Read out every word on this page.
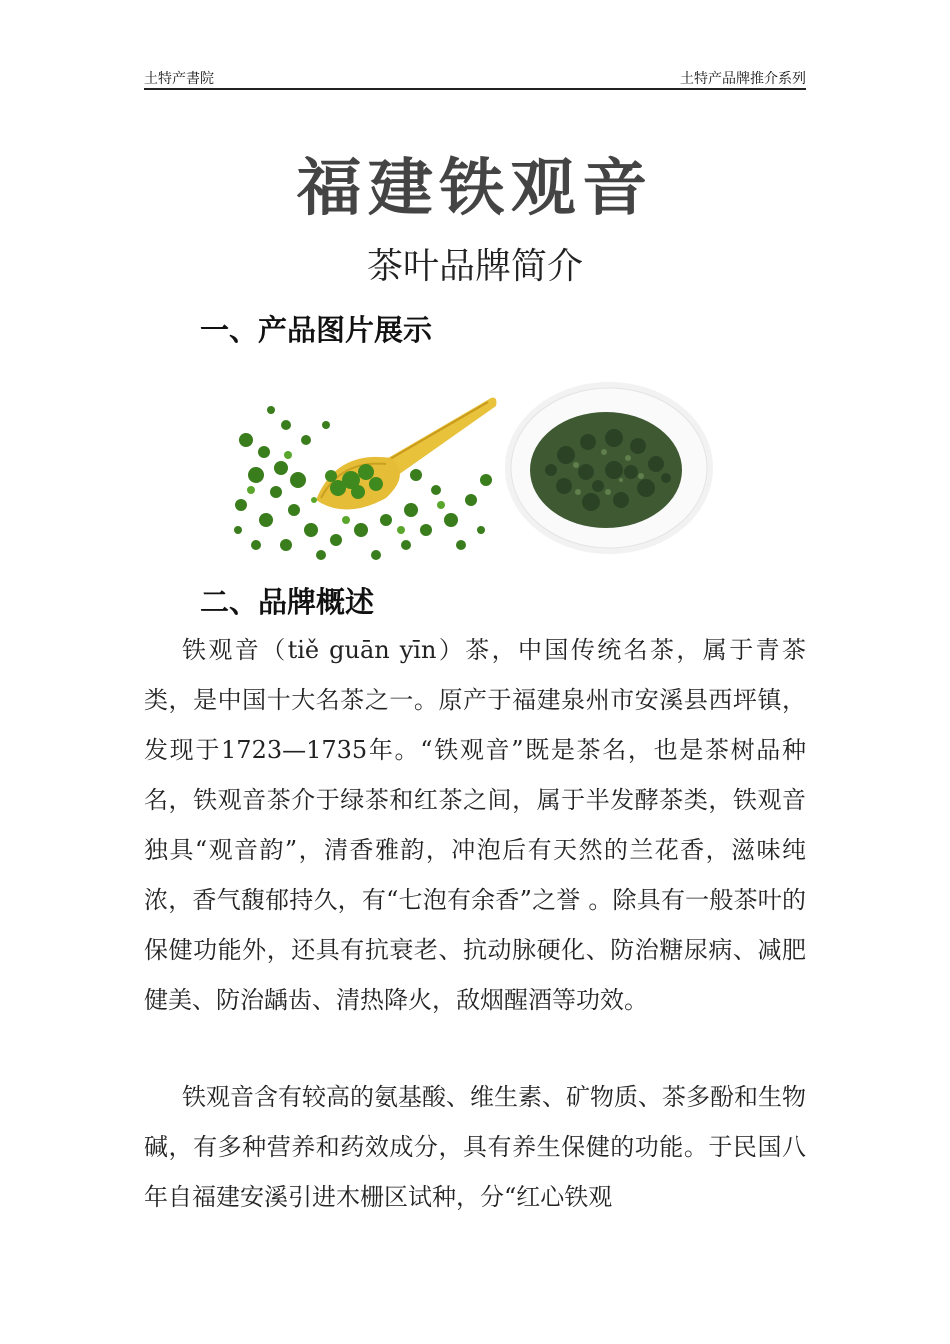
土特产書院	土特产品牌推介系列
福建铁观音
茶叶品牌简介
一、产品图片展示
二、品牌概述

铁观音（tiě guān yīn）茶，中国传统名茶，属于青茶类，是中国十大名茶之一。原产于福建泉州市安溪县西坪镇，发现于1723—1735年。“铁观音”既是茶名，也是茶树品种名，铁观音茶介于绿茶和红茶之间，属于半发酵茶类，铁观音独具“观音韵”，清香雅韵，冲泡后有天然的兰花香，滋味纯浓，香气馥郁持久，有“七泡有余香”之誉 。除具有一般茶叶的保健功能外，还具有抗衰老、抗动脉硬化、防治糖尿病、减肥健美、防治龋齿、清热降火，敌烟醒酒等功效。

铁观音含有较高的氨基酸、维生素、矿物质、茶多酚和生物碱，有多种营养和药效成分，具有养生保健的功能。于民国八年自福建安溪引进木栅区试种，分“红心铁观
